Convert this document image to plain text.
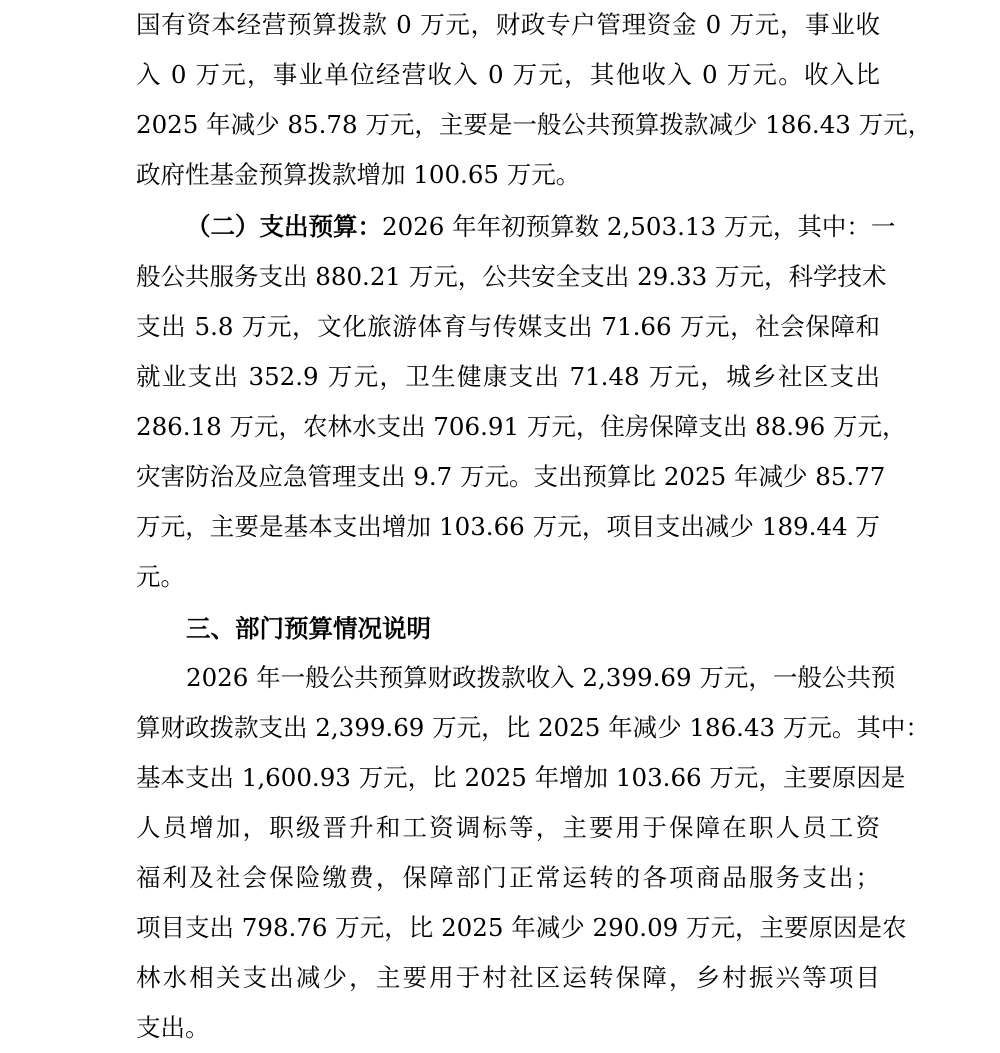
国有资本经营预算拨款 0 万元，财政专户管理资金 0 万元，事业收
入 0 万元，事业单位经营收入 0 万元，其他收入 0 万元。收入比
2025 年减少 85.78 万元，主要是一般公共预算拨款减少 186.43 万元，
政府性基金预算拨款增加 100.65 万元。
（二）支出预算：2026 年年初预算数 2,503.13 万元，其中：一
般公共服务支出 880.21 万元，公共安全支出 29.33 万元，科学技术
支出 5.8 万元，文化旅游体育与传媒支出 71.66 万元，社会保障和
就业支出 352.9 万元，卫生健康支出 71.48 万元，城乡社区支出
286.18 万元，农林水支出 706.91 万元，住房保障支出 88.96 万元，
灾害防治及应急管理支出 9.7 万元。支出预算比 2025 年减少 85.77
万元，主要是基本支出增加 103.66 万元，项目支出减少 189.44 万
元。
三、部门预算情况说明
2026 年一般公共预算财政拨款收入 2,399.69 万元，一般公共预
算财政拨款支出 2,399.69 万元，比 2025 年减少 186.43 万元。其中：
基本支出 1,600.93 万元，比 2025 年增加 103.66 万元，主要原因是
人员增加，职级晋升和工资调标等，主要用于保障在职人员工资
福利及社会保险缴费，保障部门正常运转的各项商品服务支出；
项目支出 798.76 万元，比 2025 年减少 290.09 万元，主要原因是农
林水相关支出减少，主要用于村社区运转保障，乡村振兴等项目
支出。
